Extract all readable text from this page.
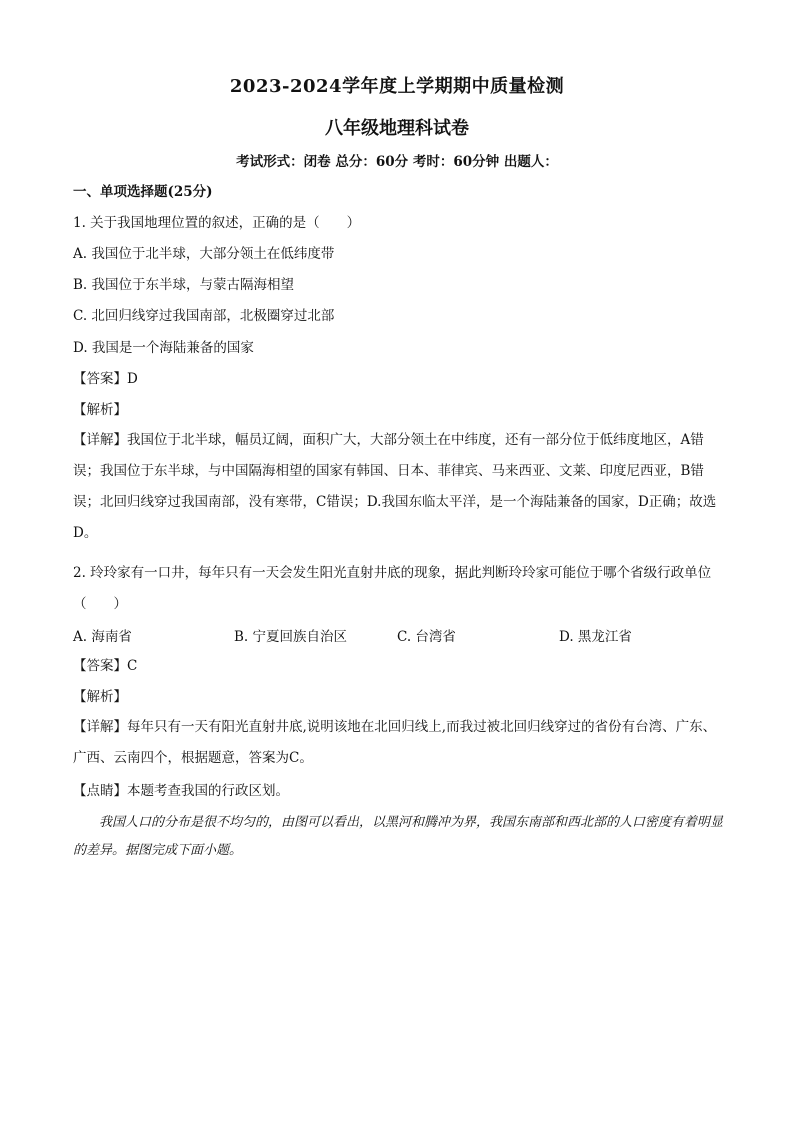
2023-2024学年度上学期期中质量检测
八年级地理科试卷
考试形式：闭卷 总分：60分 考时：60分钟 出题人：
一、单项选择题(25分)
1. 关于我国地理位置的叙述，正确的是（　　）
A. 我国位于北半球，大部分领土在低纬度带
B. 我国位于东半球，与蒙古隔海相望
C. 北回归线穿过我国南部，北极圈穿过北部
D. 我国是一个海陆兼备的国家
【答案】D
【解析】
【详解】我国位于北半球，幅员辽阔，面积广大，大部分领土在中纬度，还有一部分位于低纬度地区，A错误；我国位于东半球，与中国隔海相望的国家有韩国、日本、菲律宾、马来西亚、文莱、印度尼西亚，B错误；北回归线穿过我国南部，没有寒带，C错误；D.我国东临太平洋，是一个海陆兼备的国家，D正确；故选D。
2. 玲玲家有一口井，每年只有一天会发生阳光直射井底的现象，据此判断玲玲家可能位于哪个省级行政单位（　　）
A. 海南省	B. 宁夏回族自治区	C. 台湾省	D. 黑龙江省
【答案】C
【解析】
【详解】每年只有一天有阳光直射井底,说明该地在北回归线上,而我过被北回归线穿过的省份有台湾、广东、广西、云南四个，根据题意，答案为C。
【点睛】本题考查我国的行政区划。
我国人口的分布是很不均匀的，由图可以看出，以黑河和腾冲为界，我国东南部和西北部的人口密度有着明显的差异。据图完成下面小题。
